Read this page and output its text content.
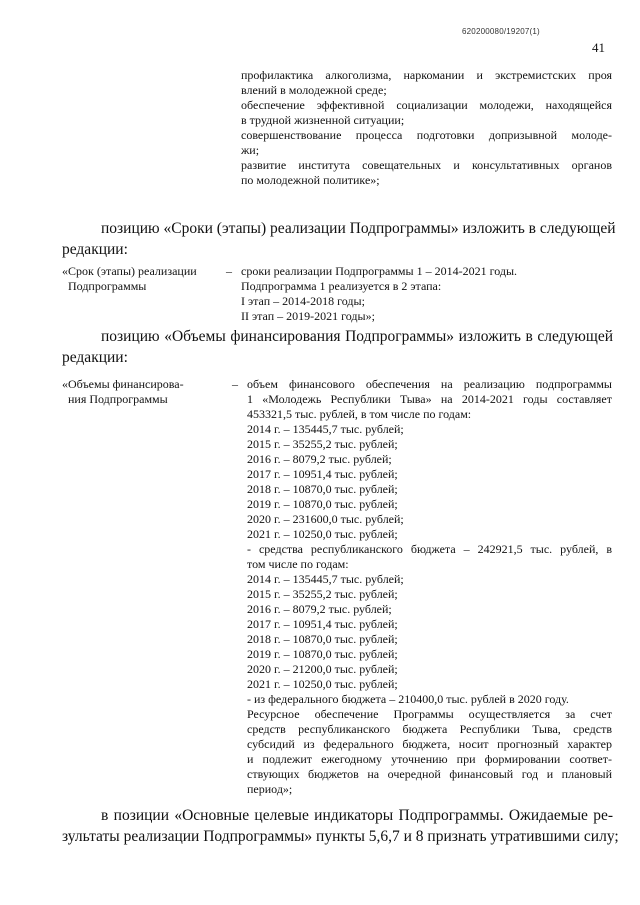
620200080/19207(1)
41
профилактика алкоголизма, наркомании и экстремистских проя
влений в молодежной среде;
обеспечение эффективной социализации молодежи, находящейся
в трудной жизненной ситуации;
совершенствование процесса подготовки допризывной молоде-
жи;
развитие института совещательных и консультативных органов
по молодежной политике»;
позицию «Сроки (этапы) реализации Подпрограммы» изложить в следующей
редакции:
«Срок (этапы) реализации
Подпрограммы
– сроки реализации Подпрограммы 1 – 2014-2021 годы.
Подпрограмма 1 реализуется в 2 этапа:
I этап – 2014-2018 годы;
II этап – 2019-2021 годы»;
позицию «Объемы финансирования Подпрограммы» изложить в следующей
редакции:
«Объемы финансирова-
ния Подпрограммы
– объем финансового обеспечения на реализацию подпрограммы
1 «Молодежь Республики Тыва» на 2014-2021 годы составляет
453321,5 тыс. рублей, в том числе по годам:
2014 г. – 135445,7 тыс. рублей;
2015 г. – 35255,2 тыс. рублей;
2016 г. – 8079,2 тыс. рублей;
2017 г. – 10951,4 тыс. рублей;
2018 г. – 10870,0 тыс. рублей;
2019 г. – 10870,0 тыс. рублей;
2020 г. – 231600,0 тыс. рублей;
2021 г. – 10250,0 тыс. рублей;
- средства республиканского бюджета – 242921,5 тыс. рублей, в
том числе по годам:
2014 г. – 135445,7 тыс. рублей;
2015 г. – 35255,2 тыс. рублей;
2016 г. – 8079,2 тыс. рублей;
2017 г. – 10951,4 тыс. рублей;
2018 г. – 10870,0 тыс. рублей;
2019 г. – 10870,0 тыс. рублей;
2020 г. – 21200,0 тыс. рублей;
2021 г. – 10250,0 тыс. рублей;
- из федерального бюджета – 210400,0 тыс. рублей в 2020 году.
Ресурсное обеспечение Программы осуществляется за счет
средств республиканского бюджета Республики Тыва, средств
субсидий из федерального бюджета, носит прогнозный характер
и подлежит ежегодному уточнению при формировании соответ-
ствующих бюджетов на очередной финансовый год и плановый
период»;
в позиции «Основные целевые индикаторы Подпрограммы. Ожидаемые ре-
зультаты реализации Подпрограммы» пункты 5,6,7 и 8 признать утратившими силу;
